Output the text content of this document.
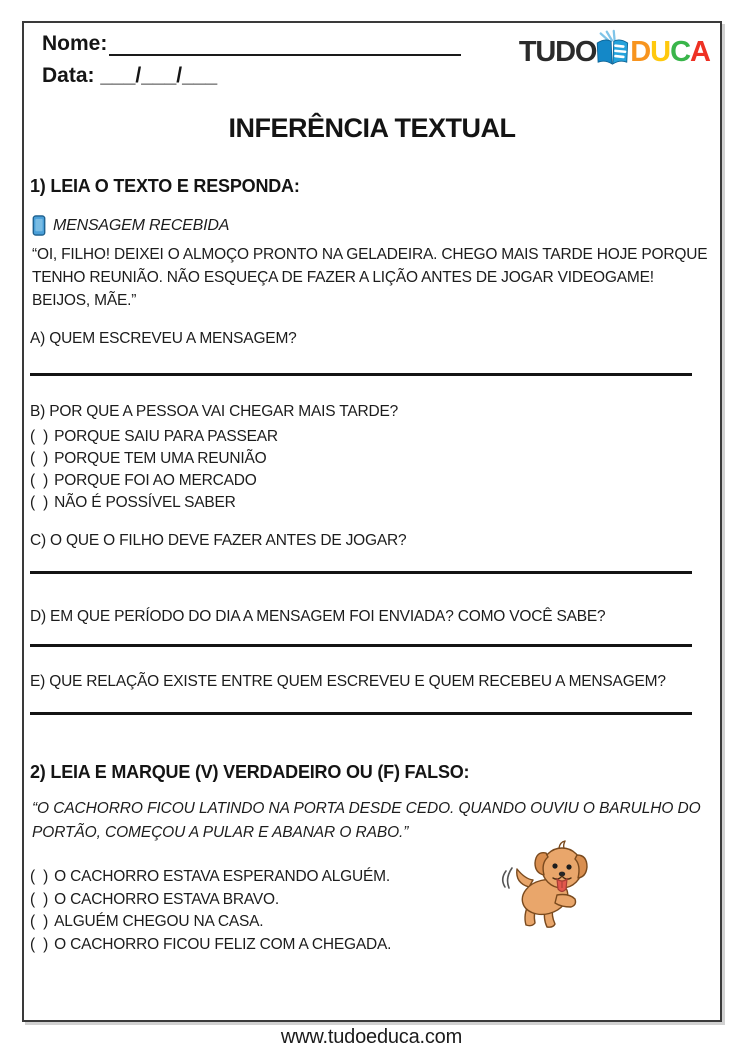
Nome:
Data:
___/___/___
TUDO D U C A
INFERÊNCIA TEXTUAL
1) LEIA O TEXTO E RESPONDA:
MENSAGEM RECEBIDA
“OI, FILHO! DEIXEI O ALMOÇO PRONTO NA GELADEIRA. CHEGO MAIS TARDE HOJE PORQUE
TENHO REUNIÃO. NÃO ESQUEÇA DE FAZER A LIÇÃO ANTES DE JOGAR VIDEOGAME!
BEIJOS, MÃE.”
A) QUEM ESCREVEU A MENSAGEM?
B) POR QUE A PESSOA VAI CHEGAR MAIS TARDE?
(  ) PORQUE SAIU PARA PASSEAR
(  ) PORQUE TEM UMA REUNIÃO
(  ) PORQUE FOI AO MERCADO
(  ) NÃO É POSSÍVEL SABER
C) O QUE O FILHO DEVE FAZER ANTES DE JOGAR?
D) EM QUE PERÍODO DO DIA A MENSAGEM FOI ENVIADA? COMO VOCÊ SABE?
E) QUE RELAÇÃO EXISTE ENTRE QUEM ESCREVEU E QUEM RECEBEU A MENSAGEM?
2) LEIA E MARQUE (V) VERDADEIRO OU (F) FALSO:
“O CACHORRO FICOU LATINDO NA PORTA DESDE CEDO. QUANDO OUVIU O BARULHO DO
PORTÃO, COMEÇOU A PULAR E ABANAR O RABO.”
(  ) O CACHORRO ESTAVA ESPERANDO ALGUÉM.
(  ) O CACHORRO ESTAVA BRAVO.
(  ) ALGUÉM CHEGOU NA CASA.
(  ) O CACHORRO FICOU FELIZ COM A CHEGADA.
www.tudoeduca.com
